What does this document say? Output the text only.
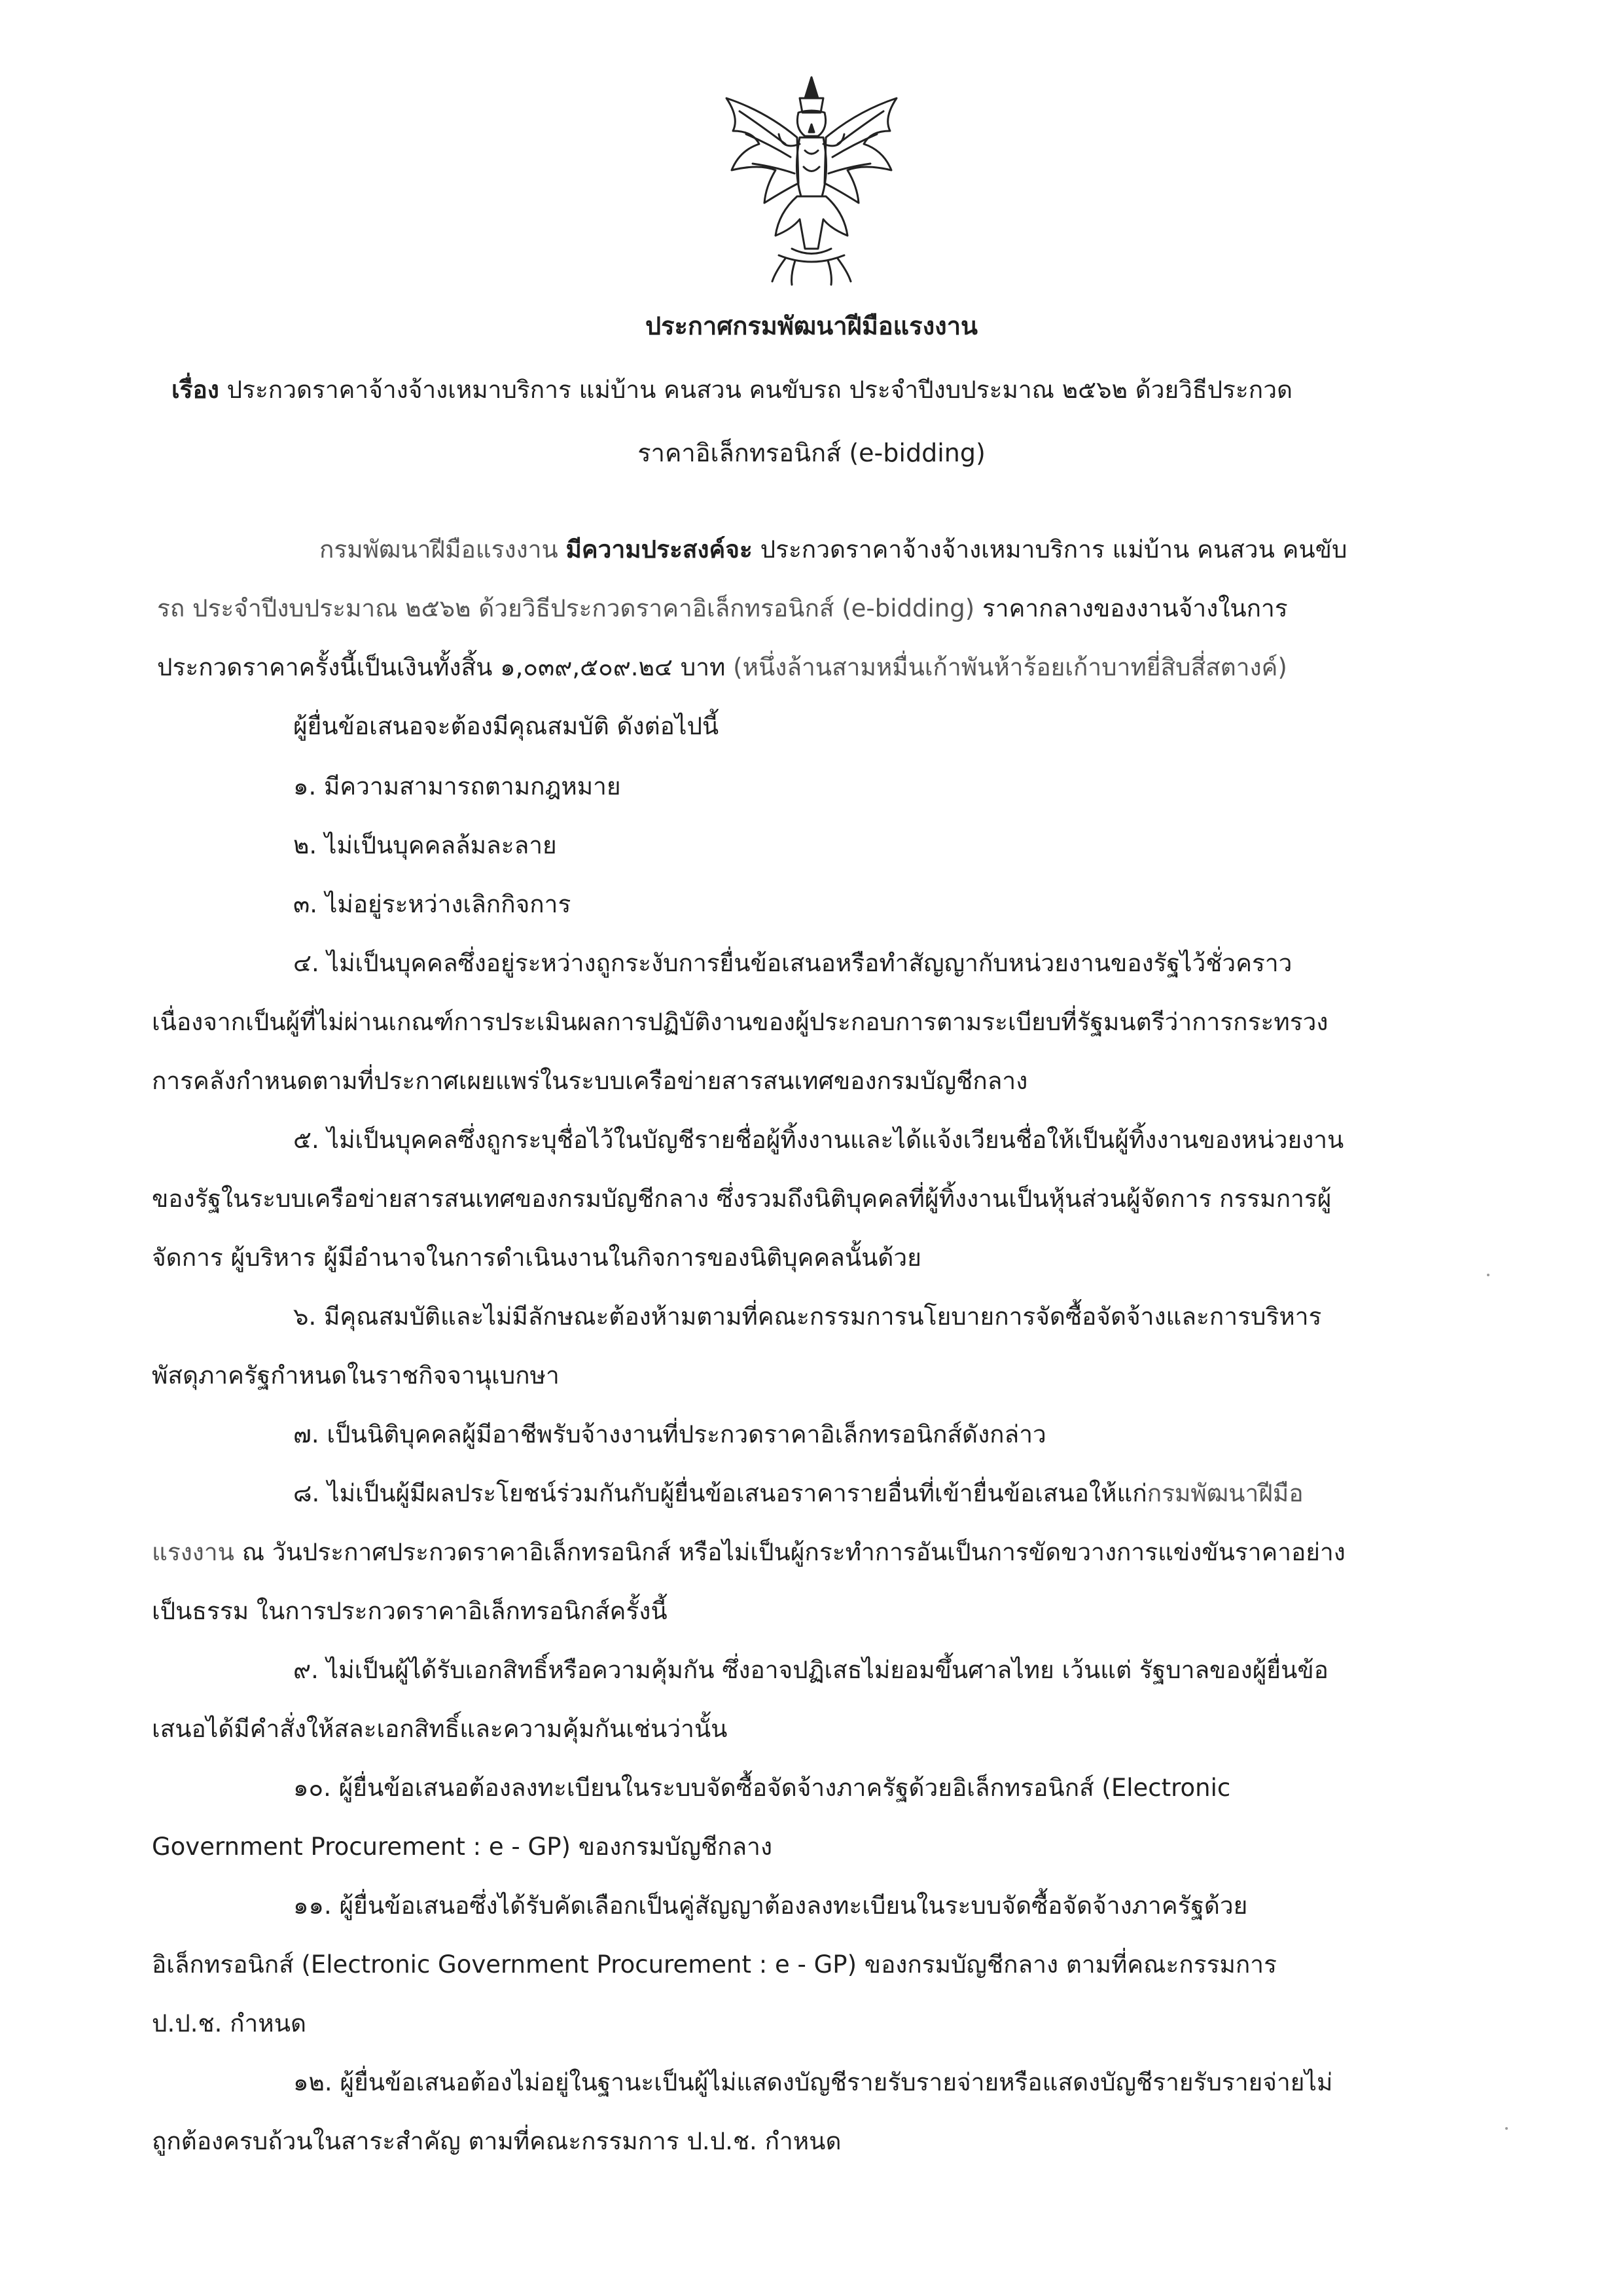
ประกาศกรมพัฒนาฝีมือแรงงาน
เรื่อง ประกวดราคาจ้างจ้างเหมาบริการ แม่บ้าน คนสวน คนขับรถ ประจำปีงบประมาณ ๒๕๖๒ ด้วยวิธีประกวด
ราคาอิเล็กทรอนิกส์ (e-bidding)
กรมพัฒนาฝีมือแรงงาน มีความประสงค์จะ ประกวดราคาจ้างจ้างเหมาบริการ แม่บ้าน คนสวน คนขับ
รถ ประจำปีงบประมาณ ๒๕๖๒ ด้วยวิธีประกวดราคาอิเล็กทรอนิกส์ (e-bidding) ราคากลางของงานจ้างในการ
ประกวดราคาครั้งนี้เป็นเงินทั้งสิ้น ๑,๐๓๙,๕๐๙.๒๔ บาท (หนึ่งล้านสามหมื่นเก้าพันห้าร้อยเก้าบาทยี่สิบสี่สตางค์)
ผู้ยื่นข้อเสนอจะต้องมีคุณสมบัติ ดังต่อไปนี้
๑. มีความสามารถตามกฎหมาย
๒. ไม่เป็นบุคคลล้มละลาย
๓. ไม่อยู่ระหว่างเลิกกิจการ
๔. ไม่เป็นบุคคลซึ่งอยู่ระหว่างถูกระงับการยื่นข้อเสนอหรือทำสัญญากับหน่วยงานของรัฐไว้ชั่วคราว
เนื่องจากเป็นผู้ที่ไม่ผ่านเกณฑ์การประเมินผลการปฏิบัติงานของผู้ประกอบการตามระเบียบที่รัฐมนตรีว่าการกระทรวง
การคลังกำหนดตามที่ประกาศเผยแพร่ในระบบเครือข่ายสารสนเทศของกรมบัญชีกลาง
๕. ไม่เป็นบุคคลซึ่งถูกระบุชื่อไว้ในบัญชีรายชื่อผู้ทิ้งงานและได้แจ้งเวียนชื่อให้เป็นผู้ทิ้งงานของหน่วยงาน
ของรัฐในระบบเครือข่ายสารสนเทศของกรมบัญชีกลาง ซึ่งรวมถึงนิติบุคคลที่ผู้ทิ้งงานเป็นหุ้นส่วนผู้จัดการ กรรมการผู้
จัดการ ผู้บริหาร ผู้มีอำนาจในการดำเนินงานในกิจการของนิติบุคคลนั้นด้วย
๖. มีคุณสมบัติและไม่มีลักษณะต้องห้ามตามที่คณะกรรมการนโยบายการจัดซื้อจัดจ้างและการบริหาร
พัสดุภาครัฐกำหนดในราชกิจจานุเบกษา
๗. เป็นนิติบุคคลผู้มีอาชีพรับจ้างงานที่ประกวดราคาอิเล็กทรอนิกส์ดังกล่าว
๘. ไม่เป็นผู้มีผลประโยชน์ร่วมกันกับผู้ยื่นข้อเสนอราคารายอื่นที่เข้ายื่นข้อเสนอให้แก่กรมพัฒนาฝีมือ
แรงงาน ณ วันประกาศประกวดราคาอิเล็กทรอนิกส์ หรือไม่เป็นผู้กระทำการอันเป็นการขัดขวางการแข่งขันราคาอย่าง
เป็นธรรม ในการประกวดราคาอิเล็กทรอนิกส์ครั้งนี้
๙. ไม่เป็นผู้ได้รับเอกสิทธิ์หรือความคุ้มกัน ซึ่งอาจปฏิเสธไม่ยอมขึ้นศาลไทย เว้นแต่ รัฐบาลของผู้ยื่นข้อ
เสนอได้มีคำสั่งให้สละเอกสิทธิ์และความคุ้มกันเช่นว่านั้น
๑๐. ผู้ยื่นข้อเสนอต้องลงทะเบียนในระบบจัดซื้อจัดจ้างภาครัฐด้วยอิเล็กทรอนิกส์ (Electronic
Government Procurement : e - GP) ของกรมบัญชีกลาง
๑๑. ผู้ยื่นข้อเสนอซึ่งได้รับคัดเลือกเป็นคู่สัญญาต้องลงทะเบียนในระบบจัดซื้อจัดจ้างภาครัฐด้วย
อิเล็กทรอนิกส์ (Electronic Government Procurement : e - GP) ของกรมบัญชีกลาง ตามที่คณะกรรมการ
ป.ป.ช. กำหนด
๑๒. ผู้ยื่นข้อเสนอต้องไม่อยู่ในฐานะเป็นผู้ไม่แสดงบัญชีรายรับรายจ่ายหรือแสดงบัญชีรายรับรายจ่ายไม่
ถูกต้องครบถ้วนในสาระสำคัญ ตามที่คณะกรรมการ ป.ป.ช. กำหนด
